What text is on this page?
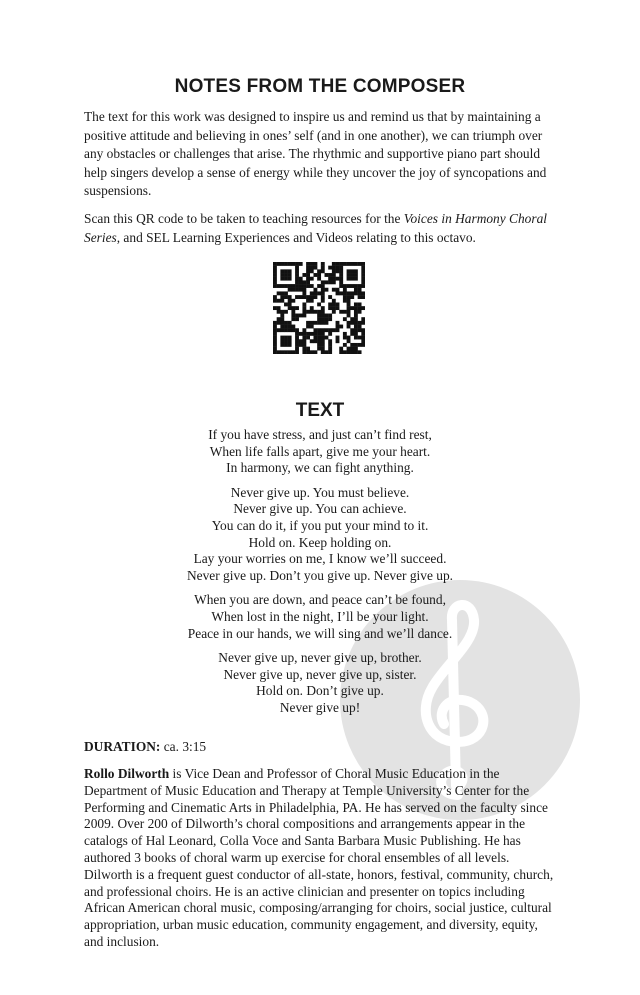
NOTES FROM THE COMPOSER

The text for this work was designed to inspire us and remind us that by maintaining a positive attitude and believing in ones’ self (and in one another), we can triumph over any obstacles or challenges that arise. The rhythmic and supportive piano part should help singers develop a sense of energy while they uncover the joy of syncopations and suspensions.

Scan this QR code to be taken to teaching resources for the Voices in Harmony Choral Series, and SEL Learning Experiences and Videos relating to this octavo.

TEXT
If you have stress, and just can’t find rest,
When life falls apart, give me your heart.
In harmony, we can fight anything.
Never give up. You must believe.
Never give up. You can achieve.
You can do it, if you put your mind to it.
Hold on. Keep holding on.
Lay your worries on me, I know we’ll succeed.
Never give up. Don’t you give up. Never give up.
When you are down, and peace can’t be found,
When lost in the night, I’ll be your light.
Peace in our hands, we will sing and we’ll dance.
Never give up, never give up, brother.
Never give up, never give up, sister.
Hold on. Don’t give up.
Never give up!
DURATION: ca. 3:15
Rollo Dilworth is Vice Dean and Professor of Choral Music Education in the Department of Music Education and Therapy at Temple University’s Center for the Performing and Cinematic Arts in Philadelphia, PA. He has served on the faculty since 2009. Over 200 of Dilworth’s choral compositions and arrangements appear in the catalogs of Hal Leonard, Colla Voce and Santa Barbara Music Publishing. He has authored 3 books of choral warm up exercise for choral ensembles of all levels. Dilworth is a frequent guest conductor of all-state, honors, festival, community, church, and professional choirs. He is an active clinician and presenter on topics including African American choral music, composing/arranging for choirs, social justice, cultural appropriation, urban music education, community engagement, and diversity, equity, and inclusion.
